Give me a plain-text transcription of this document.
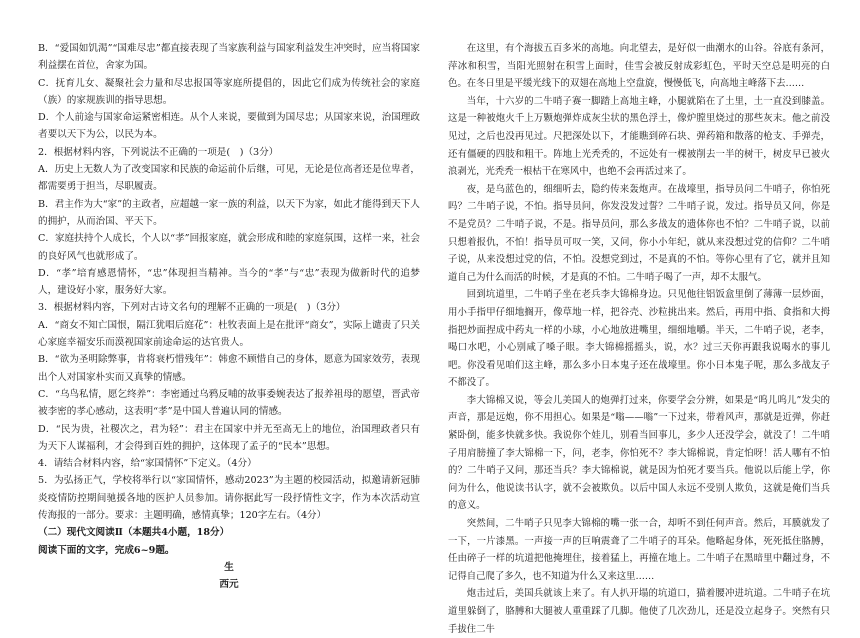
B．“爱国如饥渴”“国难尽忠”都直接表现了当家族利益与国家利益发生冲突时，应当将国家利益摆在首位，舍家为国。

C．抚育儿女、凝聚社会力量和尽忠报国等家庭所提倡的，因此它们成为传统社会的家庭（族）的家规族训的指导思想。

D．个人前途与国家命运紧密相连。从个人来说，要做到为国尽忠；从国家来说，治国理政者要以天下为公，以民为本。

2．根据材料内容，下列说法不正确的一项是(　)（3分）

A．历史上无数人为了改变国家和民族的命运前仆后继，可见，无论是位高者还是位卑者，都需要勇于担当，尽职履责。

B．君主作为大“家”的主政者，应超越一家一族的利益，以天下为家，如此才能得到天下人的拥护，从而治国、平天下。

C．家庭扶持个人成长，个人以“孝”回报家庭，就会形成和睦的家庭氛围，这样一来，社会的良好风气也就形成了。

D．“孝”培育感恩情怀，“忠”体现担当精神。当今的“孝”与“忠”表现为做新时代的追梦人，建设好小家，服务好大家。

3．根据材料内容，下列对古诗文名句的理解不正确的一项是(　)（3分）

A．“商女不知亡国恨，隔江犹唱后庭花”：杜牧表面上是在批评“商女”，实际上谴责了只关心家庭幸福安乐而漠视国家前途命运的达官贵人。

B．“欲为圣明除弊事，肯将衰朽惜残年”：韩愈不顾惜自己的身体，愿意为国家效劳，表现出个人对国家朴实而又真挚的情感。

C．“乌鸟私情，愿乞终养”：李密通过乌鸦反哺的故事委婉表达了报养祖母的愿望，晋武帝被李密的孝心感动，这表明“孝”是中国人普遍认同的情感。

D．“民为贵，社稷次之，君为轻”：君主在国家中并无至高无上的地位，治国理政者只有为天下人谋福利，才会得到百姓的拥护，这体现了孟子的“民本”思想。

4．请结合材料内容，给“家国情怀”下定义。（4分）

5．为弘扬正气，学校将举行以“家国情怀，感动2023”为主题的校园活动，拟邀请新冠肺炎疫情防控期间驰援各地的医护人员参加。请你据此写一段抒情性文字，作为本次活动宣传海报的一部分。要求：主题明确，感情真挚；120字左右。（4分）

（二）现代文阅读Ⅱ（本题共4小题，18分）

阅读下面的文字，完成6~9题。

生

西元

在这里，有个海拔五百多米的高地。向北望去，是好似一曲潮水的山谷。谷底有条河，萍冰和积雪，当阳光照射在积雪上面时，佳雪会被反射成彩虹色，平时天空总是明亮的白色。在冬日里是平缓光线下的双翅在高地上空盘旋，慢慢低飞，向高地主峰落下去……

当年，十六岁的二牛哨子赛一脚踏上高地主峰，小腿就陷在了土里，土一直没到膝盖。这是一种被炮火千上万颗炮弹炸成灰尘状的黑色浮土，像炉膛里烧过的那些灰末。他之前没见过，之后也没再见过。尺把深处以下，才能瞧到碎石块、弹药箱和散落的枪支、手弹壳，还有僵硬的四肢和粗干。阵地上光秃秃的，不远处有一棵被削去一半的树干，树皮早已被火浪剥光，光秃秃一根枯干在寒风中，也绝不会再活过来了。

夜，是乌蓝色的，细细听去，隐约传来轰炮声。在战壕里，指导员问二牛哨子，你怕死吗？二牛哨子说，不怕。指导员问，你发没发过誓？二牛哨子说，发过。指导员又问，你是不是党员？二牛哨子说，不是。指导员问，那么多战友的遗体你也不怕？二牛哨子说，以前只想着报仇，不怕！指导员可叹一笑，又问，你小小年纪，就从来没想过党的信仰？二牛哨子说，从来没想过党的信，不怕。没想党到过，不是真的不怕。等你心里有了它，就并且知道自己为什么而活的时候，才是真的不怕。二牛哨子喝了一声，却不太服气。

回到坑道里，二牛哨子坐在老兵李大锦棉身边。只见他往铝饭盒里倒了薄薄一层炒面，用小手指甲仔细地搁开，像草地一样，把谷壳、沙粒挑出来。然后，再用中指、食指和大拇指把炒面捏成中药丸一样的小球，小心地放进嘴里，细细地嚼。半天，二牛哨子说，老李，喝口水吧，小心别咸了嗓子眼。李大锦棉摇摇头，说，水？过三天你再跟我说喝水的事儿吧。你没看见咱们这主峰，那么多小日本鬼子还在战壕里。你小日本鬼子呢，那么多战友子不都没了。

李大锦棉又说，等会儿美国人的炮弹打过来，你要学会分辨，如果是“呜儿呜儿”发尖的声音，那是远炮，你不用担心。如果是“嗡——嗡”一下过来，带着风声，那就是近弹，你赶紧卧倒，能多快就多快。我说你个娃儿，别看当回事儿，多少人还没学会，就没了！二牛哨子用肩膀撞了李大锦棉一下，问，老李，你怕死不？李大锦棉说，肯定怕呀！活人哪有不怕的？二牛哨子又问，那还当兵？李大锦棉说，就是因为怕死才要当兵。他说以后能上学，你问为什么，他说读书认字，就不会被欺负。以后中国人永远不受别人欺负，这就是俺们当兵的意义。

突然间，二牛哨子只见李大锦棉的嘴一张一合，却听不到任何声音。然后，耳膜就发了一下，一片漆黑。一声接一声的巨响震聋了二牛哨子的耳朵。他略起身体，死死抵住胳膊，任由碎子一样的坑道把他掩埋住，接着猛上，再撞在地上。二牛哨子在黑暗里中翻过身，不记得自己爬了多久，也不知道为什么又来这里……

炮击过后，美国兵就该上来了。有人扒开塌的坑道口，猫着腰冲进坑道。二牛哨子在坑道里躲倒了，胳膊和大腿被人重重踩了几脚。他使了几次劲儿，还是没立起身子。突然有只手拔住二牛
